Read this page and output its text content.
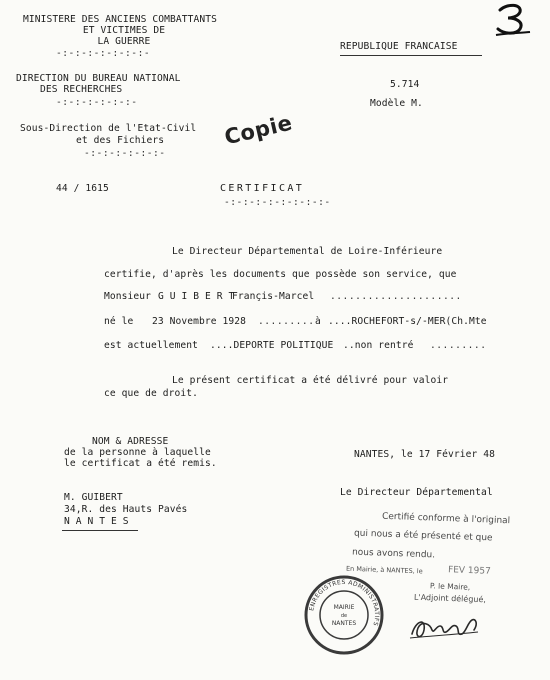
MINISTERE DES ANCIENS COMBATTANTS
ET VICTIMES DE
LA GUERRE
-:-:-:-:-:-:-:-
DIRECTION DU BUREAU NATIONAL
DES RECHERCHES
-:-:-:-:-:-:-
Sous-Direction de l'Etat-Civil
et des Fichiers
-:-:-:-:-:-:-
REPUBLIQUE FRANCAISE
5.714
Modèle M.
Copie
44 / 1615	CERTIFICAT
-:-:-:-:-:-:-:-:-
Le Directeur Départemental de Loire-Inférieure
certifie, d'après les documents que possède son service, que
Monsieur G U I B E R T
Françis-Marcel .....................
né le 23 Novembre 1928 ......... à ....ROCHEFORT-s/-MER(Ch.Mte
est actuellement ....DEPORTE POLITIQUE ..non rentré .........
Le présent certificat a été délivré pour valoir
ce que de droit.
NOM & ADRESSE
de la personne à laquelle
le certificat a été remis.
M. GUIBERT
34,R. des Hauts Pavés
N A N T E S
NANTES, le 17 Février 48
Le Directeur Départemental
Certifié conforme à l'original
qui nous a été présenté et que
nous avons rendu.
En Mairie, à NANTES, le	FEV 1957
P. le Maire,
L'Adjoint délégué,
ENREGISTRES ADMINISTRATIFS
MAIRIE
de
NANTES
